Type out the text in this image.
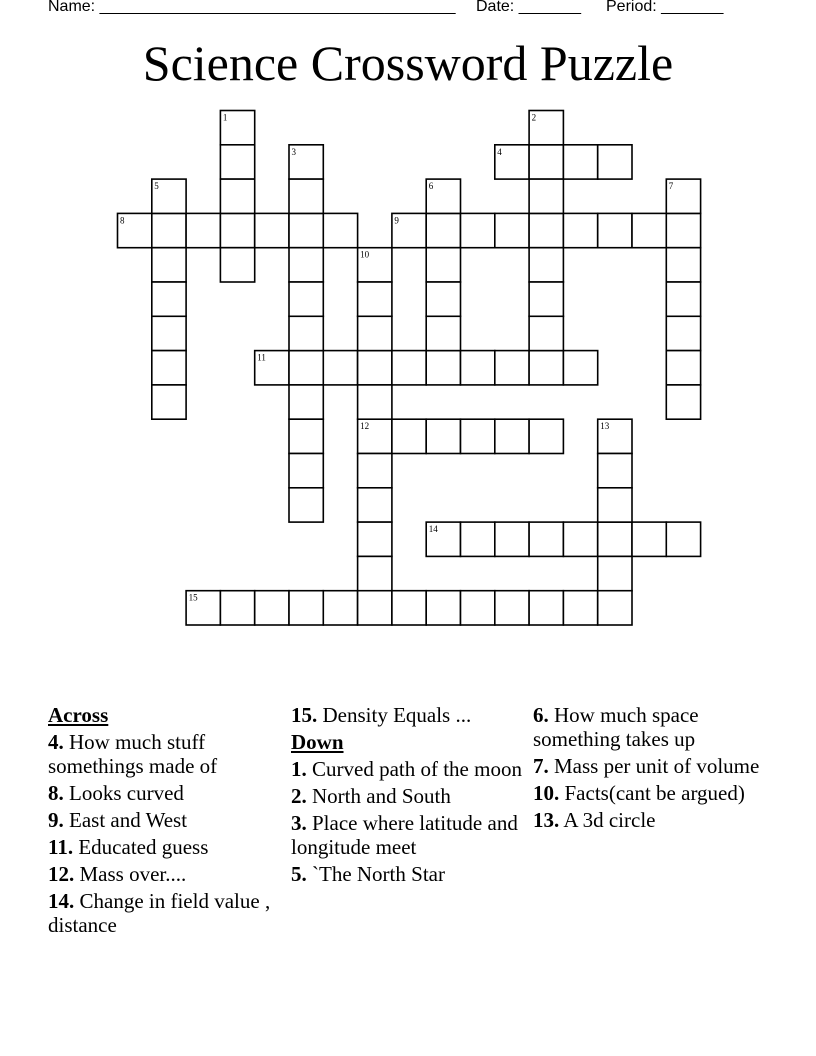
Name: ________________________________________ Date: _______ Period: _______
Science Crossword Puzzle
4
8	9
11
12
14
15
1	2
3
5	6	7
10
13
Across
4. How much stuff somethings made of
8. Looks curved
9. East and West
11. Educated guess
12. Mass over....
14. Change in field value , distance
15. Density Equals ...
Down
1. Curved path of the moon
2. North and South
3. Place where latitude and longitude meet
5. `The North Star
6. How much space something takes up
7. Mass per unit of volume
10. Facts(cant be argued)
13. A 3d circle
